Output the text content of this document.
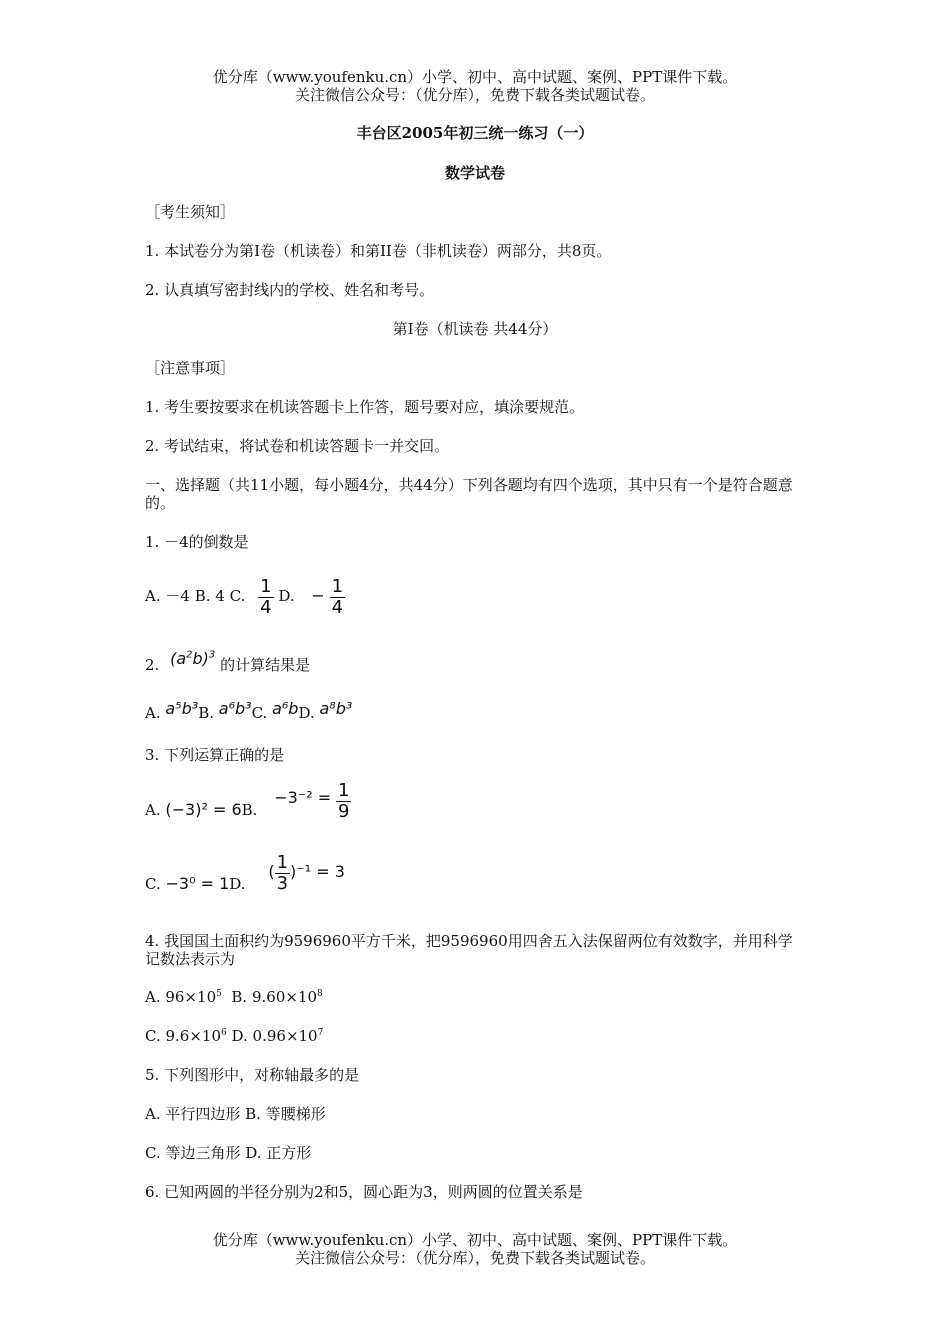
优分库（www.youfenku.cn）小学、初中、高中试题、案例、PPT课件下载。
关注微信公众号：（优分库），免费下载各类试题试卷。
丰台区2005年初三统一练习（一）
数学试卷
［考生须知］
1. 本试卷分为第I卷（机读卷）和第II卷（非机读卷）两部分，共8页。
2. 认真填写密封线内的学校、姓名和考号。
第I卷（机读卷 共44分）
［注意事项］
1. 考生要按要求在机读答题卡上作答，题号要对应，填涂要规范。
2. 考试结束，将试卷和机读答题卡一并交回。
一、选择题（共11小题，每小题4分，共44分）下列各题均有四个选项，其中只有一个是符合题意的。
1. －4的倒数是
A. －4 B. 4 C. $\frac{1}{4} D$. − $\frac{1}{4}$
2. $(a^2b)^3$ 的计算结果是
A. a⁵b³B. a⁶b³C. a⁶bD. a⁸b³
3. 下列运算正确的是
A. (−3)² = 6B. $-3^{-2} = \frac{1}{9}$
C. −3⁰ = 1D. ( $\frac{1}{3} )^{-1} = 3$
4. 我国国土面积约为9596960平方千米，把9596960用四舍五入法保留两位有效数字，并用科学记数法表示为
A. $96\times 10^5$ B. $9.60\times 10^8$
C. $9.6\times 10^6$ D. $0.96\times 10^7$
5. 下列图形中，对称轴最多的是
A. 平行四边形 B. 等腰梯形
C. 等边三角形 D. 正方形
6. 已知两圆的半径分别为2和5，圆心距为3，则两圆的位置关系是
优分库（www.youfenku.cn）小学、初中、高中试题、案例、PPT课件下载。
关注微信公众号：（优分库），免费下载各类试题试卷。
